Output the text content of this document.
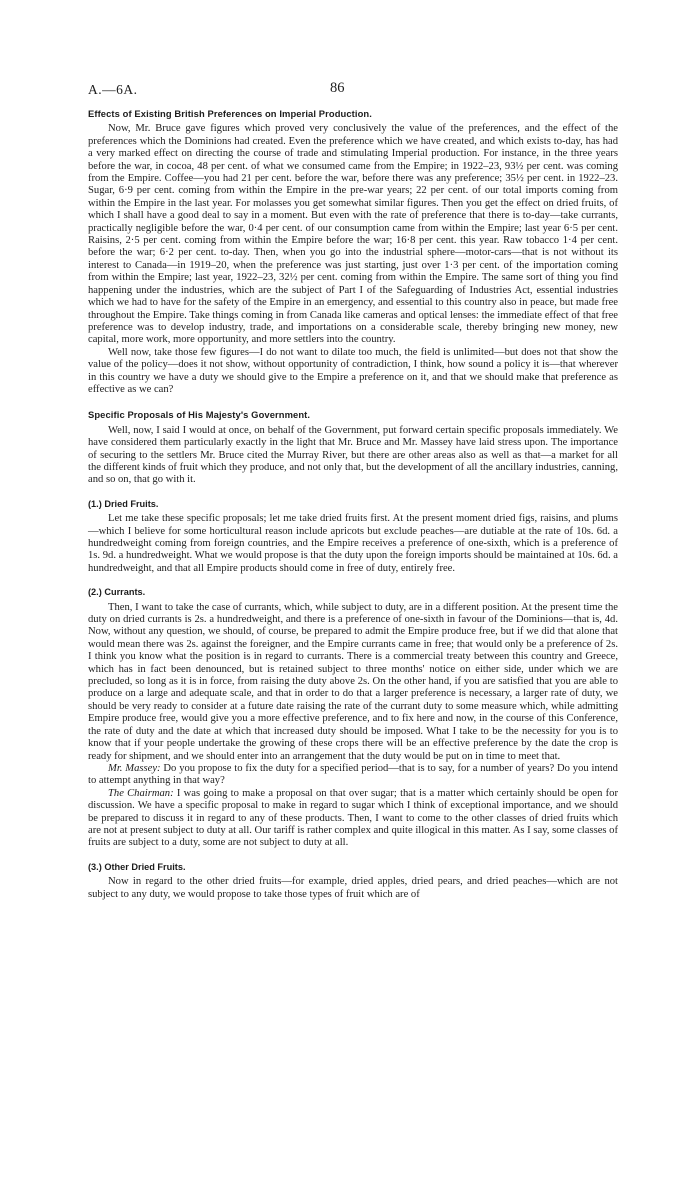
A.—6A.	86
Effects of Existing British Preferences on Imperial Production.

Now, Mr. Bruce gave figures which proved very conclusively the value of the preferences, and the effect of the preferences which the Dominions had created. Even the preference which we have created, and which exists to-day, has had a very marked effect on directing the course of trade and stimulating Imperial production. For instance, in the three years before the war, in cocoa, 48 per cent. of what we consumed came from the Empire; in 1922–23, 93½ per cent. was coming from the Empire. Coffee—you had 21 per cent. before the war, before there was any preference; 35½ per cent. in 1922–23. Sugar, 6·9 per cent. coming from within the Empire in the pre-war years; 22 per cent. of our total imports coming from within the Empire in the last year. For molasses you get somewhat similar figures. Then you get the effect on dried fruits, of which I shall have a good deal to say in a moment. But even with the rate of preference that there is to-day—take currants, practically negligible before the war, 0·4 per cent. of our consumption came from within the Empire; last year 6·5 per cent. Raisins, 2·5 per cent. coming from within the Empire before the war; 16·8 per cent. this year. Raw tobacco 1·4 per cent. before the war; 6·2 per cent. to-day. Then, when you go into the industrial sphere—motor-cars—that is not without its interest to Canada—in 1919–20, when the preference was just starting, just over 1·3 per cent. of the importation coming from within the Empire; last year, 1922–23, 32½ per cent. coming from within the Empire. The same sort of thing you find happening under the industries, which are the subject of Part I of the Safeguarding of Industries Act, essential industries which we had to have for the safety of the Empire in an emergency, and essential to this country also in peace, but made free throughout the Empire. Take things coming in from Canada like cameras and optical lenses: the immediate effect of that free preference was to develop industry, trade, and importations on a considerable scale, thereby bringing new money, new capital, more work, more opportunity, and more settlers into the country.

Well now, take those few figures—I do not want to dilate too much, the field is unlimited—but does not that show the value of the policy—does it not show, without opportunity of contradiction, I think, how sound a policy it is—that wherever in this country we have a duty we should give to the Empire a preference on it, and that we should make that preference as effective as we can?

Specific Proposals of His Majesty's Government.

Well, now, I said I would at once, on behalf of the Government, put forward certain specific proposals immediately. We have considered them particularly exactly in the light that Mr. Bruce and Mr. Massey have laid stress upon. The importance of securing to the settlers Mr. Bruce cited the Murray River, but there are other areas also as well as that—a market for all the different kinds of fruit which they produce, and not only that, but the development of all the ancillary industries, canning, and so on, that go with it.

(1.) Dried Fruits.

Let me take these specific proposals; let me take dried fruits first. At the present moment dried figs, raisins, and plums—which I believe for some horticultural reason include apricots but exclude peaches—are dutiable at the rate of 10s. 6d. a hundredweight coming from foreign countries, and the Empire receives a preference of one-sixth, which is a preference of 1s. 9d. a hundredweight. What we would propose is that the duty upon the foreign imports should be maintained at 10s. 6d. a hundredweight, and that all Empire products should come in free of duty, entirely free.

(2.) Currants.

Then, I want to take the case of currants, which, while subject to duty, are in a different position. At the present time the duty on dried currants is 2s. a hundredweight, and there is a preference of one-sixth in favour of the Dominions—that is, 4d. Now, without any question, we should, of course, be prepared to admit the Empire produce free, but if we did that alone that would mean there was 2s. against the foreigner, and the Empire currants came in free; that would only be a preference of 2s. I think you know what the position is in regard to currants. There is a commercial treaty between this country and Greece, which has in fact been denounced, but is retained subject to three months' notice on either side, under which we are precluded, so long as it is in force, from raising the duty above 2s. On the other hand, if you are satisfied that you are able to produce on a large and adequate scale, and that in order to do that a larger preference is necessary, a larger rate of duty, we should be very ready to consider at a future date raising the rate of the currant duty to some measure which, while admitting Empire produce free, would give you a more effective preference, and to fix here and now, in the course of this Conference, the rate of duty and the date at which that increased duty should be imposed. What I take to be the necessity for you is to know that if your people undertake the growing of these crops there will be an effective preference by the date the crop is ready for shipment, and we should enter into an arrangement that the duty would be put on in time to meet that.

Mr. Massey: Do you propose to fix the duty for a specified period—that is to say, for a number of years? Do you intend to attempt anything in that way?

The Chairman: I was going to make a proposal on that over sugar; that is a matter which certainly should be open for discussion. We have a specific proposal to make in regard to sugar which I think of exceptional importance, and we should be prepared to discuss it in regard to any of these products. Then, I want to come to the other classes of dried fruits which are not at present subject to duty at all. Our tariff is rather complex and quite illogical in this matter. As I say, some classes of fruits are subject to a duty, some are not subject to duty at all.

(3.) Other Dried Fruits.

Now in regard to the other dried fruits—for example, dried apples, dried pears, and dried peaches—which are not subject to any duty, we would propose to take those types of fruit which are of
